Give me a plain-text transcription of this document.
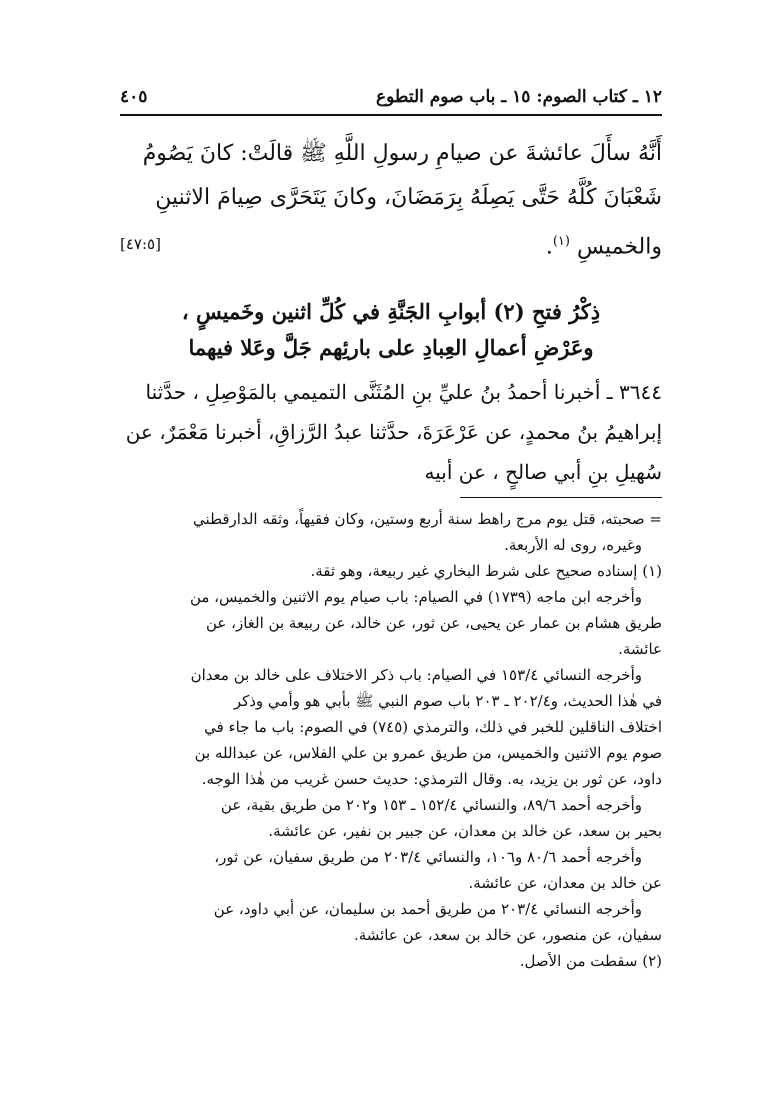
١٢ ـ كتاب الصوم: ١٥ ـ باب صوم التطوع
٤٠٥

أَنَّهُ سأَلَ عائشةَ عن صيامِ رسولِ اللَّهِ ﷺ قالَتْ: كانَ يَصُومُ

شَعْبَانَ كُلَّهُ حَتَّى يَصِلَهُ بِرَمَضَانَ، وكانَ يَتَحَرَّى صِيامَ الاثنينِ

والخميسِ $^{(١)}$.
[٤٧:٥]

ذِكْرُ فتحِ (٢) أبوابِ الجَنَّةِ في كُلِّ اثنين وخَميسٍ ،
وعَرْضِ أعمالِ العِبادِ على بارئِهم جَلَّ وعَلا فيهما

٣٦٤٤ ـ أخبرنا أحمدُ بنُ عليِّ بنِ المُثَنَّى التميمي بالمَوْصِلِ ، حدَّثنا

إبراهيمُ بنُ محمدٍ، عن عَرْعَرَةَ، حدَّثنا عبدُ الرَّزاقِ، أخبرنا مَعْمَرٌ، عن

سُهيلِ بنِ أبي صالحٍ ، عن أبيه

= صحبته، قتل يوم مرج راهط سنة أربع وستين، وكان فقيهاً، وثقه الدارقطني

وغيره، روى له الأربعة.

(١) إسناده صحيح على شرط البخاري غير ربيعة، وهو ثقة.

وأخرجه ابن ماجه (١٧٣٩) في الصيام: باب صيام يوم الاثنين والخميس، من

طريق هشام بن عمار عن يحيى، عن ثور، عن خالد، عن ربيعة بن الغاز، عن

عائشة.

وأخرجه النسائي ١٥٣/٤ في الصيام: باب ذكر الاختلاف على خالد بن معدان

في هٰذا الحديث، و٢٠٢/٤ ـ ٢٠٣ باب صوم النبي ﷺ بأبي هو وأمي وذكر

اختلاف الناقلين للخبر في ذلك، والترمذي (٧٤٥) في الصوم: باب ما جاء في

صوم يوم الاثنين والخميس، من طريق عمرو بن علي الفلاس، عن عبدالله بن

داود، عن ثور بن يزيد، به. وقال الترمذي: حديث حسن غريب من هٰذا الوجه.

وأخرجه أحمد ٨٩/٦، والنسائي ١٥٢/٤ ـ ١٥٣ و٢٠٢ من طريق بقية، عن

بحير بن سعد، عن خالد بن معدان، عن جبير بن نفير، عن عائشة.

وأخرجه أحمد ٨٠/٦ و١٠٦، والنسائي ٢٠٣/٤ من طريق سفيان، عن ثور،

عن خالد بن معدان، عن عائشة.

وأخرجه النسائي ٢٠٣/٤ من طريق أحمد بن سليمان، عن أبي داود، عن

سفيان، عن منصور، عن خالد بن سعد، عن عائشة.

(٢) سقطت من الأصل.
